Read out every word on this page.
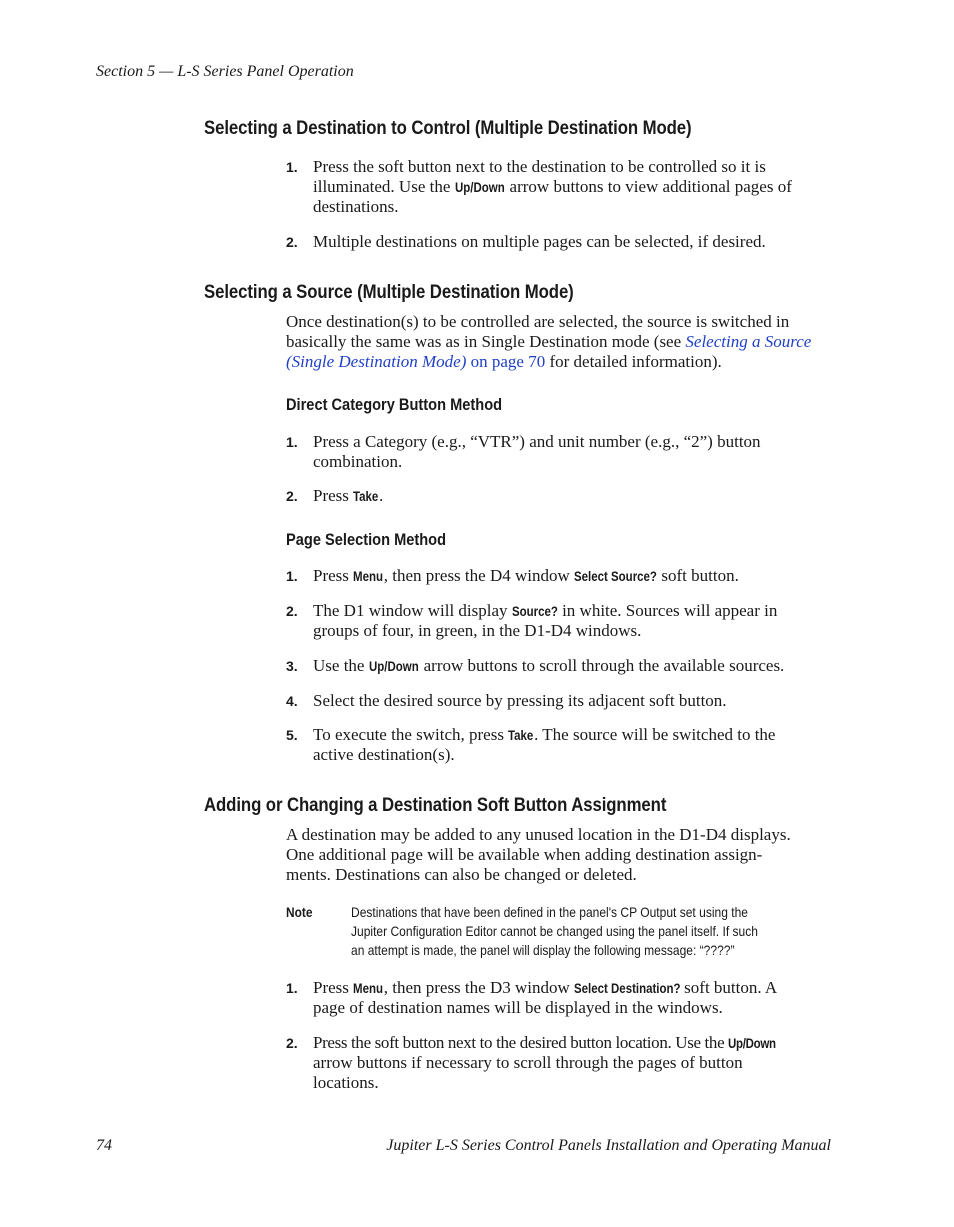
Section 5 — L-S Series Panel Operation
Selecting a Destination to Control (Multiple Destination Mode)
1. Press the soft button next to the destination to be controlled so it is
illuminated. Use the Up/Down arrow buttons to view additional pages of
destinations.
2. Multiple destinations on multiple pages can be selected, if desired.
Selecting a Source (Multiple Destination Mode)
Once destination(s) to be controlled are selected, the source is switched in
basically the same was as in Single Destination mode (see Selecting a Source
(Single Destination Mode) on page 70 for detailed information).
Direct Category Button Method
1. Press a Category (e.g., “VTR”) and unit number (e.g., “2”) button
combination.
2. Press Take.
Page Selection Method
1. Press Menu, then press the D4 window Select Source? soft button.
2. The D1 window will display Source? in white. Sources will appear in
groups of four, in green, in the D1-D4 windows.
3. Use the Up/Down arrow buttons to scroll through the available sources.
4. Select the desired source by pressing its adjacent soft button.
5. To execute the switch, press Take. The source will be switched to the
active destination(s).
Adding or Changing a Destination Soft Button Assignment
A destination may be added to any unused location in the D1-D4 displays.
One additional page will be available when adding destination assign-
ments. Destinations can also be changed or deleted.
Note	Destinations that have been defined in the panel's CP Output set using the
Jupiter Configuration Editor cannot be changed using the panel itself. If such
an attempt is made, the panel will display the following message: “????”
1. Press Menu, then press the D3 window Select Destination? soft button. A
page of destination names will be displayed in the windows.
2. Press the soft button next to the desired button location. Use the Up/Down
arrow buttons if necessary to scroll through the pages of button
locations.
74	Jupiter L-S Series Control Panels Installation and Operating Manual
